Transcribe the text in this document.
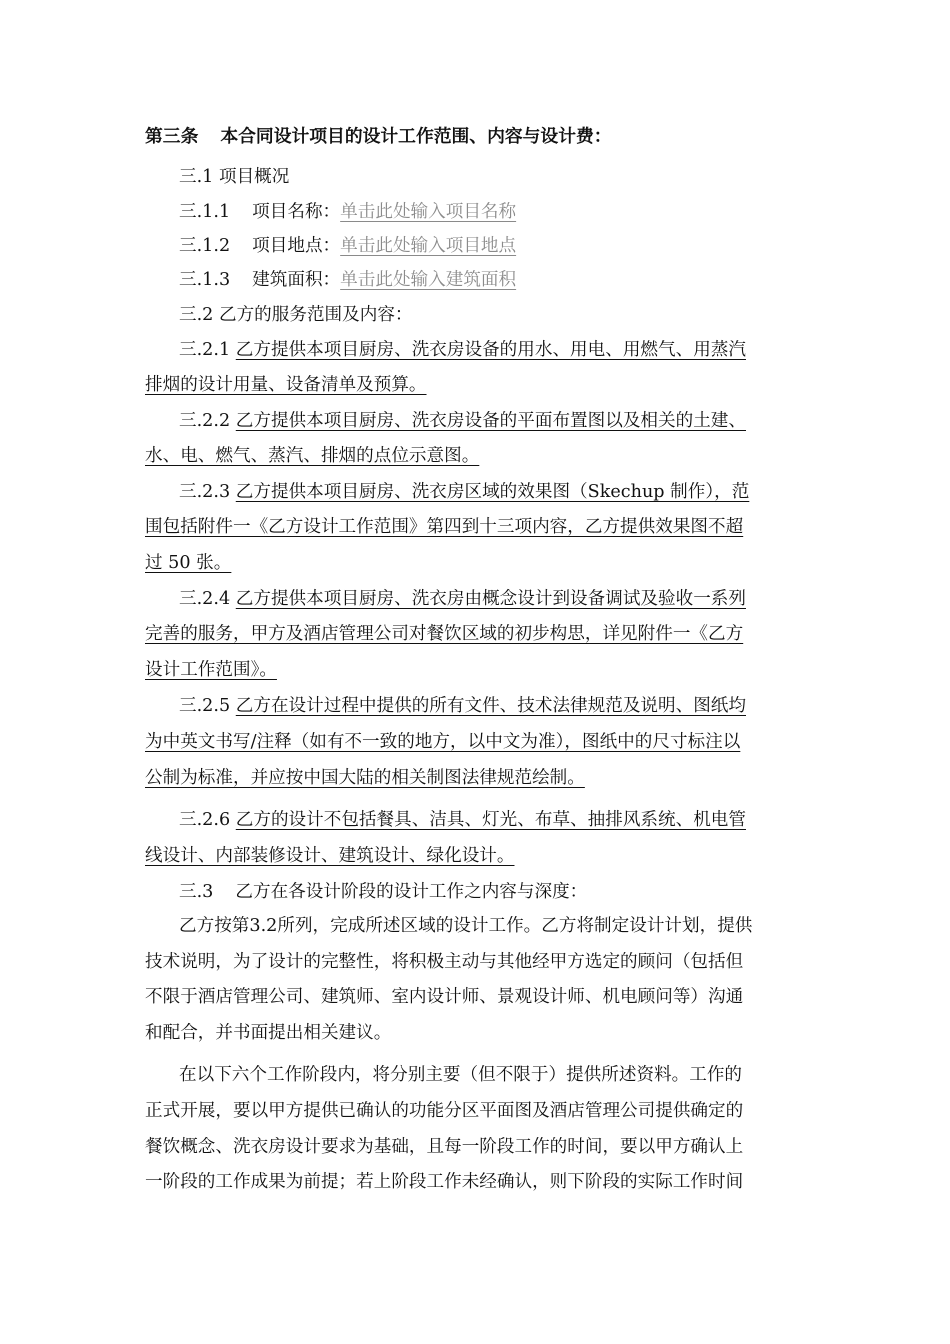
第三条 本合同设计项目的设计工作范围、内容与设计费：
三.1 项目概况
三.1.1 项目名称：单击此处输入项目名称
三.1.2 项目地点：单击此处输入项目地点
三.1.3 建筑面积：单击此处输入建筑面积
三.2 乙方的服务范围及内容：
三.2.1 乙方提供本项目厨房、洗衣房设备的用水、用电、用燃气、用蒸汽
排烟的设计用量、设备清单及预算。
三.2.2 乙方提供本项目厨房、洗衣房设备的平面布置图以及相关的土建、
水、电、燃气、蒸汽、排烟的点位示意图。
三.2.3 乙方提供本项目厨房、洗衣房区域的效果图（Skechup 制作），范
围包括附件一《乙方设计工作范围》第四到十三项内容，乙方提供效果图不超
过 50 张。
三.2.4 乙方提供本项目厨房、洗衣房由概念设计到设备调试及验收一系列
完善的服务，甲方及酒店管理公司对餐饮区域的初步构思，详见附件一《乙方
设计工作范围》。
三.2.5 乙方在设计过程中提供的所有文件、技术法律规范及说明、图纸均
为中英文书写/注释（如有不一致的地方，以中文为准），图纸中的尺寸标注以
公制为标准，并应按中国大陆的相关制图法律规范绘制。
三.2.6 乙方的设计不包括餐具、洁具、灯光、布草、抽排风系统、机电管
线设计、内部装修设计、建筑设计、绿化设计。
三.3 乙方在各设计阶段的设计工作之内容与深度：
乙方按第3.2所列，完成所述区域的设计工作。乙方将制定设计计划，提供
技术说明，为了设计的完整性，将积极主动与其他经甲方选定的顾问（包括但
不限于酒店管理公司、建筑师、室内设计师、景观设计师、机电顾问等）沟通
和配合，并书面提出相关建议。
在以下六个工作阶段内，将分别主要（但不限于）提供所述资料。工作的
正式开展，要以甲方提供已确认的功能分区平面图及酒店管理公司提供确定的
餐饮概念、洗衣房设计要求为基础，且每一阶段工作的时间，要以甲方确认上
一阶段的工作成果为前提；若上阶段工作未经确认，则下阶段的实际工作时间
